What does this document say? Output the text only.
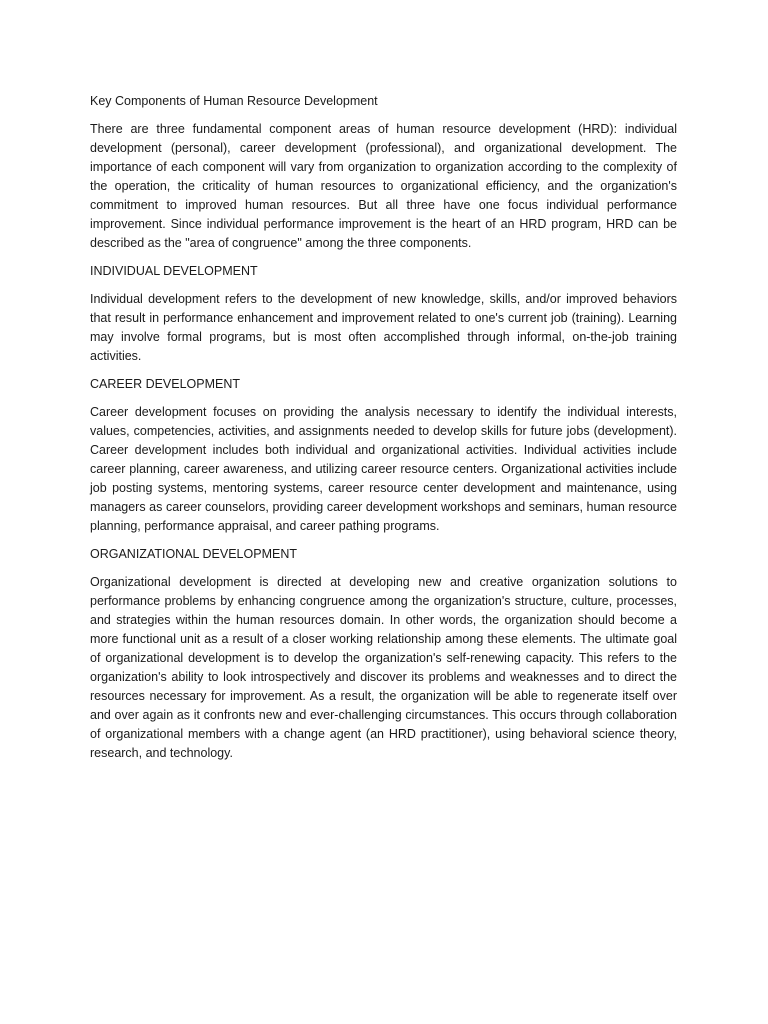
Key Components of Human Resource Development

There are three fundamental component areas of human resource development (HRD): individual development (personal), career development (professional), and organizational development. The importance of each component will vary from organization to organization according to the complexity of the operation, the criticality of human resources to organizational efficiency, and the organization's commitment to improved human resources. But all three have one focus individual performance improvement. Since individual performance improvement is the heart of an HRD program, HRD can be described as the "area of congruence" among the three components.

INDIVIDUAL DEVELOPMENT

Individual development refers to the development of new knowledge, skills, and/or improved behaviors that result in performance enhancement and improvement related to one's current job (training). Learning may involve formal programs, but is most often accomplished through informal, on-the-job training activities.

CAREER DEVELOPMENT

Career development focuses on providing the analysis necessary to identify the individual interests, values, competencies, activities, and assignments needed to develop skills for future jobs (development). Career development includes both individual and organizational activities. Individual activities include career planning, career awareness, and utilizing career resource centers. Organizational activities include job posting systems, mentoring systems, career resource center development and maintenance, using managers as career counselors, providing career development workshops and seminars, human resource planning, performance appraisal, and career pathing programs.

ORGANIZATIONAL DEVELOPMENT

Organizational development is directed at developing new and creative organization solutions to performance problems by enhancing congruence among the organization's structure, culture, processes, and strategies within the human resources domain. In other words, the organization should become a more functional unit as a result of a closer working relationship among these elements. The ultimate goal of organizational development is to develop the organization's self-renewing capacity. This refers to the organization's ability to look introspectively and discover its problems and weaknesses and to direct the resources necessary for improvement. As a result, the organization will be able to regenerate itself over and over again as it confronts new and ever-challenging circumstances. This occurs through collaboration of organizational members with a change agent (an HRD practitioner), using behavioral science theory, research, and technology.
